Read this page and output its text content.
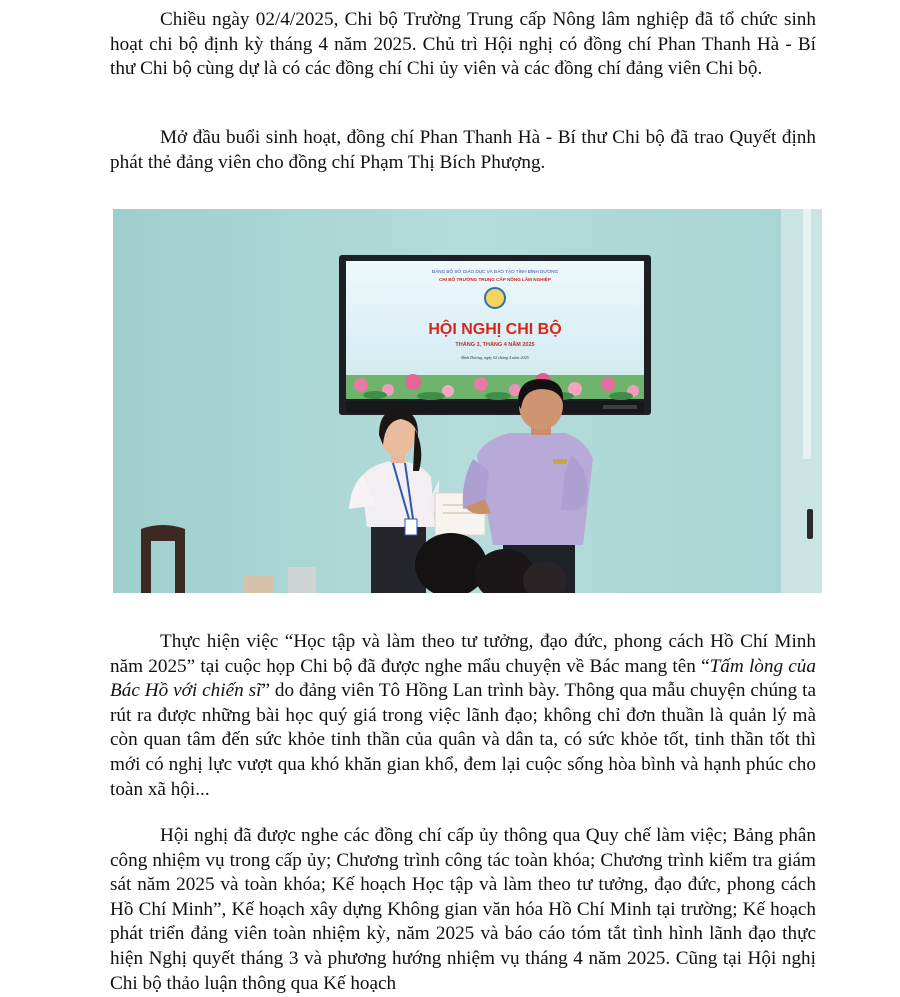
Chiều ngày 02/4/2025, Chi bộ Trường Trung cấp Nông lâm nghiệp đã tổ chức sinh hoạt chi bộ định kỳ tháng 4 năm 2025. Chủ trì Hội nghị có đồng chí Phan Thanh Hà - Bí thư Chi bộ cùng dự là có các đồng chí Chi ủy viên và các đồng chí đảng viên Chi bộ.

Mở đầu buổi sinh hoạt, đồng chí Phan Thanh Hà - Bí thư Chi bộ đã trao Quyết định phát thẻ đảng viên cho đồng chí Phạm Thị Bích Phượng.

ĐẢNG BỘ SỞ GIÁO DỤC VÀ ĐÀO TẠO TỈNH BÌNH DƯƠNG
CHI BỘ TRƯỜNG TRUNG CẤP NÔNG LÂM NGHIỆP
HỘI NGHỊ CHI BỘ
THÁNG 3, THÁNG 4 NĂM 2025
Bình Dương, ngày 02 tháng 4 năm 2025

Thực hiện việc “Học tập và làm theo tư tưởng, đạo đức, phong cách Hồ Chí Minh năm 2025” tại cuộc họp Chi bộ đã được nghe mẩu chuyện về Bác mang tên “Tấm lòng của Bác Hồ với chiến sĩ” do đảng viên Tô Hồng Lan trình bày. Thông qua mẫu chuyện chúng ta rút ra được những bài học quý giá trong việc lãnh đạo; không chỉ đơn thuần là quản lý mà còn quan tâm đến sức khỏe tinh thần của quân và dân ta, có sức khỏe tốt, tinh thần tốt thì mới có nghị lực vượt qua khó khăn gian khổ, đem lại cuộc sống hòa bình và hạnh phúc cho toàn xã hội...

Hội nghị đã được nghe các đồng chí cấp ủy thông qua Quy chế làm việc; Bảng phân công nhiệm vụ trong cấp ủy; Chương trình công tác toàn khóa; Chương trình kiểm tra giám sát năm 2025 và toàn khóa; Kế hoạch Học tập và làm theo tư tưởng, đạo đức, phong cách Hồ Chí Minh”, Kế hoạch xây dựng Không gian văn hóa Hồ Chí Minh tại trường; Kế hoạch phát triển đảng viên toàn nhiệm kỳ, năm 2025 và báo cáo tóm tắt tình hình lãnh đạo thực hiện Nghị quyết tháng 3 và phương hướng nhiệm vụ tháng 4 năm 2025. Cũng tại Hội nghị Chi bộ thảo luận thông qua Kế hoạch
